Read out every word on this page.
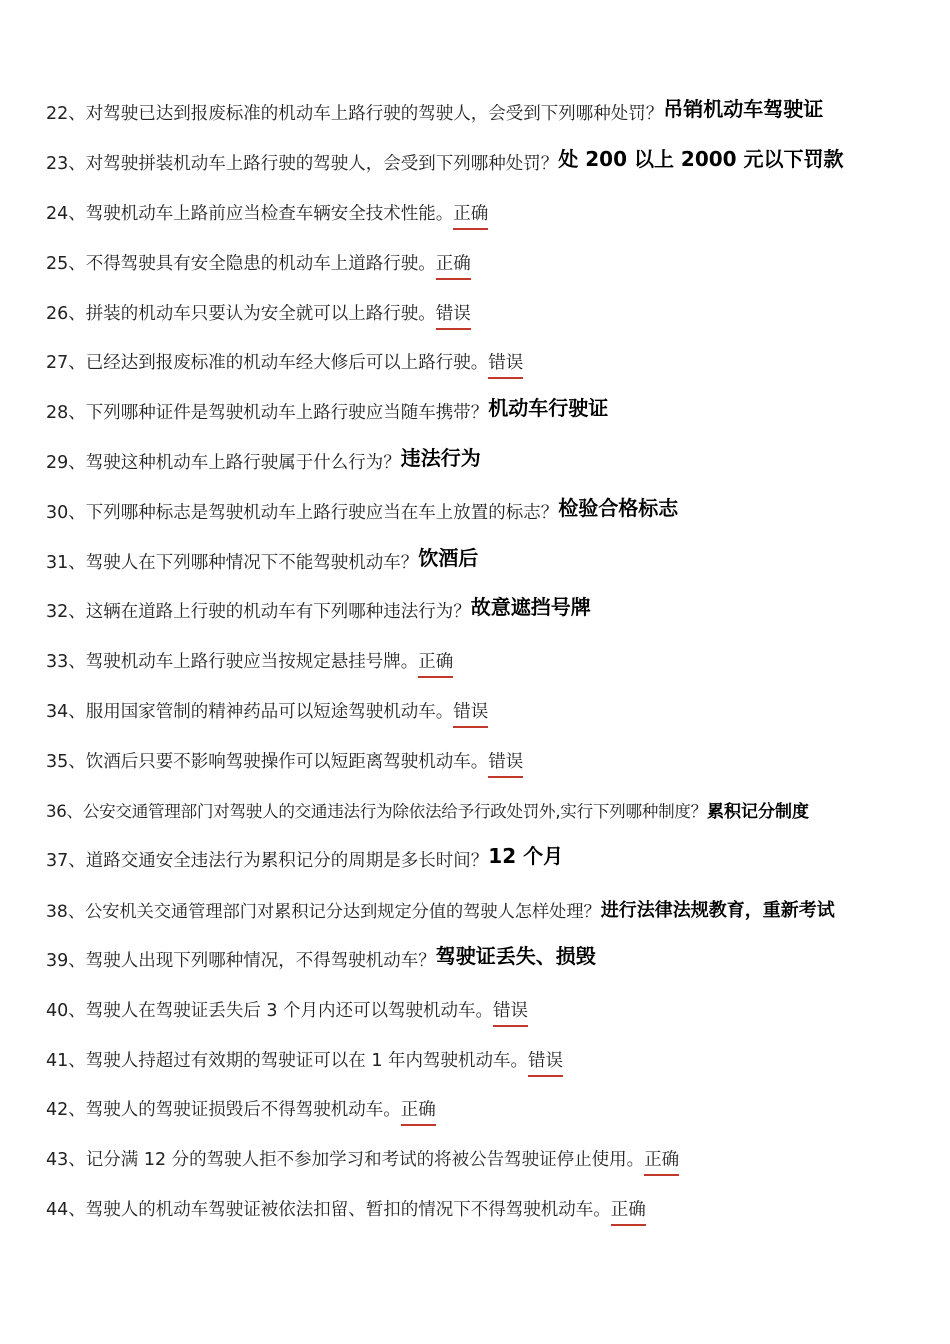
22、 对驾驶已达到报废标准的机动车上路行驶的驾驶人，会受到下列哪种处罚？ 吊销机动车驾驶证
23、 对驾驶拼装机动车上路行驶的驾驶人，会受到下列哪种处罚？ 处 200 以上 2000 元以下罚款
24、 驾驶机动车上路前应当检查车辆安全技术性能。 正确
25、 不得驾驶具有安全隐患的机动车上道路行驶。 正确
26、 拼装的机动车只要认为安全就可以上路行驶。 错误
27、 已经达到报废标准的机动车经大修后可以上路行驶。 错误
28、 下列哪种证件是驾驶机动车上路行驶应当随车携带？ 机动车行驶证
29、 驾驶这种机动车上路行驶属于什么行为？ 违法行为
30、 下列哪种标志是驾驶机动车上路行驶应当在车上放置的标志？ 检验合格标志
31、 驾驶人在下列哪种情况下不能驾驶机动车？ 饮酒后
32、 这辆在道路上行驶的机动车有下列哪种违法行为？ 故意遮挡号牌
33、 驾驶机动车上路行驶应当按规定悬挂号牌。 正确
34、 服用国家管制的精神药品可以短途驾驶机动车。 错误
35、 饮酒后只要不影响驾驶操作可以短距离驾驶机动车。 错误
36、 公安交通管理部门对驾驶人的交通违法行为除依法给予行政处罚外,实行下列哪种制度？ 累积记分制度
37、 道路交通安全违法行为累积记分的周期是多长时间？ 12 个月
38、 公安机关交通管理部门对累积记分达到规定分值的驾驶人怎样处理？ 进行法律法规教育，重新考试
39、 驾驶人出现下列哪种情况，不得驾驶机动车？ 驾驶证丢失、损毁
40、 驾驶人在驾驶证丢失后 3 个月内还可以驾驶机动车。 错误
41、 驾驶人持超过有效期的驾驶证可以在 1 年内驾驶机动车。 错误
42、 驾驶人的驾驶证损毁后不得驾驶机动车。 正确
43、 记分满 12 分的驾驶人拒不参加学习和考试的将被公告驾驶证停止使用。 正确
44、 驾驶人的机动车驾驶证被依法扣留、暂扣的情况下不得驾驶机动车。 正确
